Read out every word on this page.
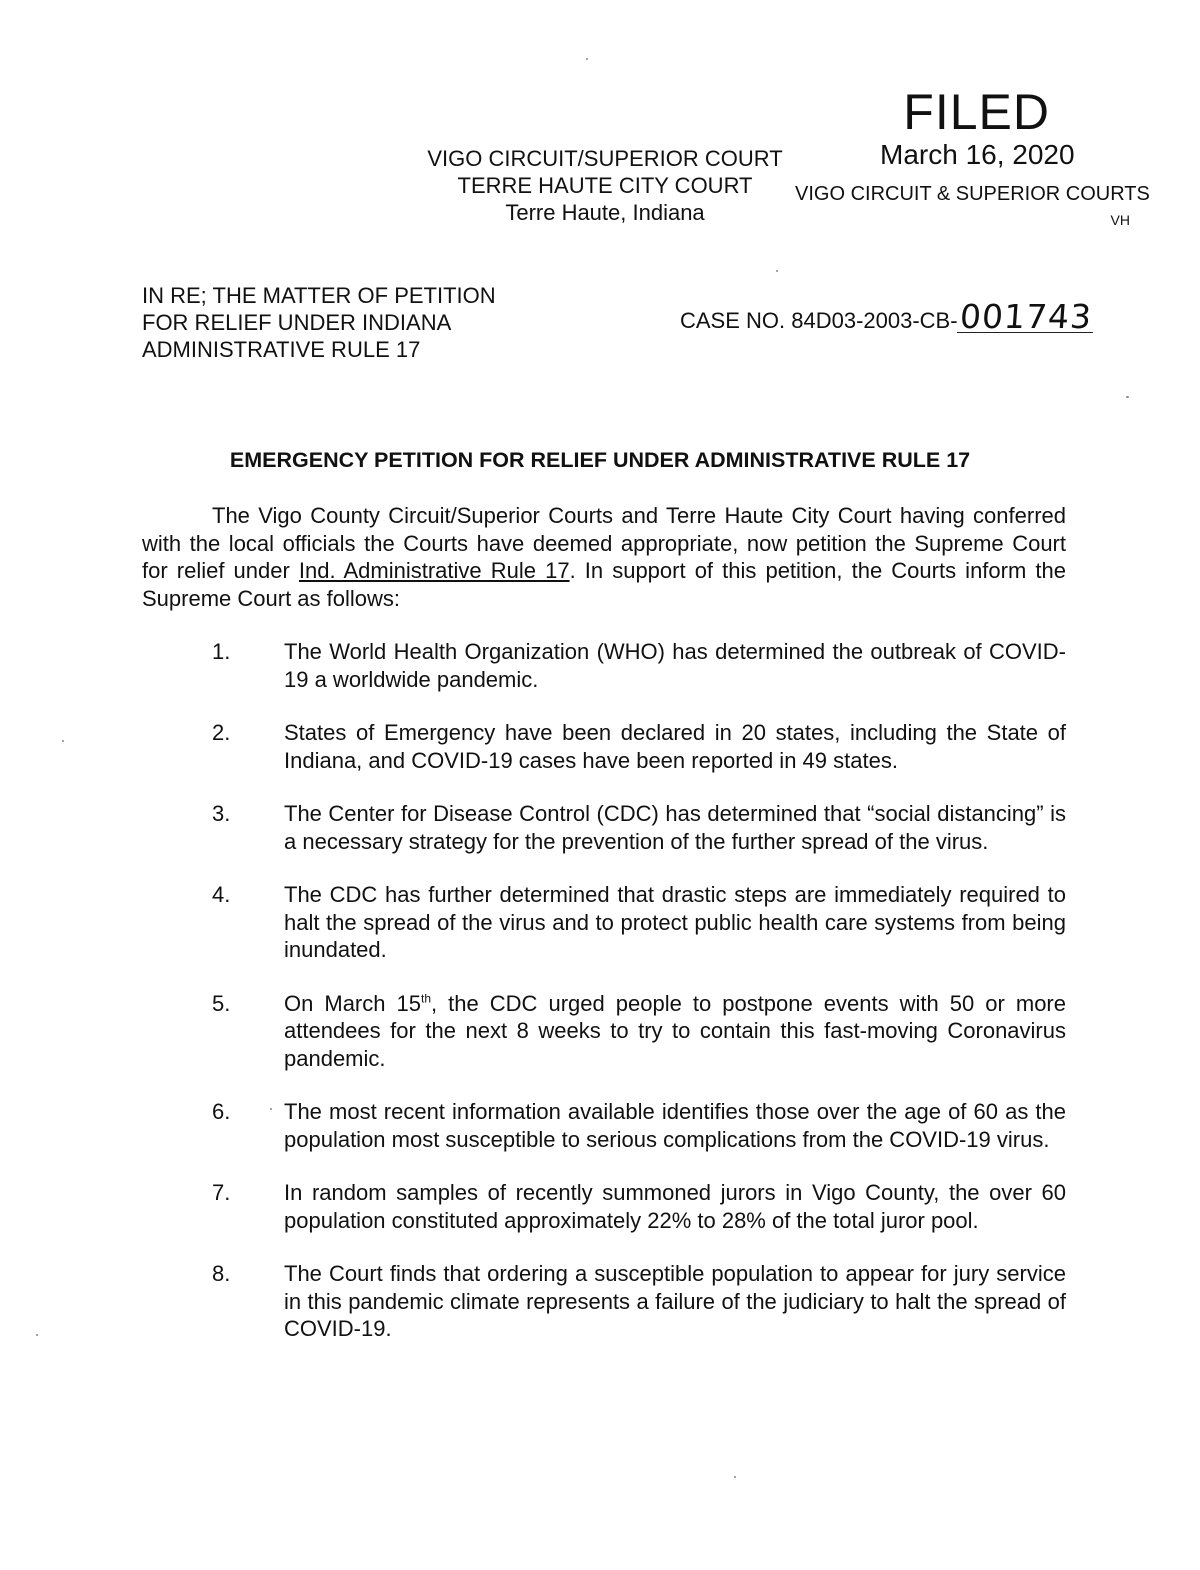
VIGO CIRCUIT/SUPERIOR COURT
TERRE HAUTE CITY COURT
Terre Haute, Indiana
FILED
March 16, 2020
VIGO CIRCUIT & SUPERIOR COURTS
VH
IN RE; THE MATTER OF PETITION
FOR RELIEF UNDER INDIANA
ADMINISTRATIVE RULE 17
CASE NO. 84D03-2003-CB-001743
EMERGENCY PETITION FOR RELIEF UNDER ADMINISTRATIVE RULE 17

The Vigo County Circuit/Superior Courts and Terre Haute City Court having conferred with the local officials the Courts have deemed appropriate, now petition the Supreme Court for relief under Ind. Administrative Rule 17. In support of this petition, the Courts inform the Supreme Court as follows:

1.	The World Health Organization (WHO) has determined the outbreak of COVID-19 a worldwide pandemic.
2.	States of Emergency have been declared in 20 states, including the State of Indiana, and COVID-19 cases have been reported in 49 states.
3.	The Center for Disease Control (CDC) has determined that “social distancing” is a necessary strategy for the prevention of the further spread of the virus.
4.	The CDC has further determined that drastic steps are immediately required to halt the spread of the virus and to protect public health care systems from being inundated.
5.	On March 15th, the CDC urged people to postpone events with 50 or more attendees for the next 8 weeks to try to contain this fast-moving Coronavirus pandemic.
6.	The most recent information available identifies those over the age of 60 as the population most susceptible to serious complications from the COVID-19 virus.
7.	In random samples of recently summoned jurors in Vigo County, the over 60 population constituted approximately 22% to 28% of the total juror pool.
8.	The Court finds that ordering a susceptible population to appear for jury service in this pandemic climate represents a failure of the judiciary to halt the spread of COVID-19.
